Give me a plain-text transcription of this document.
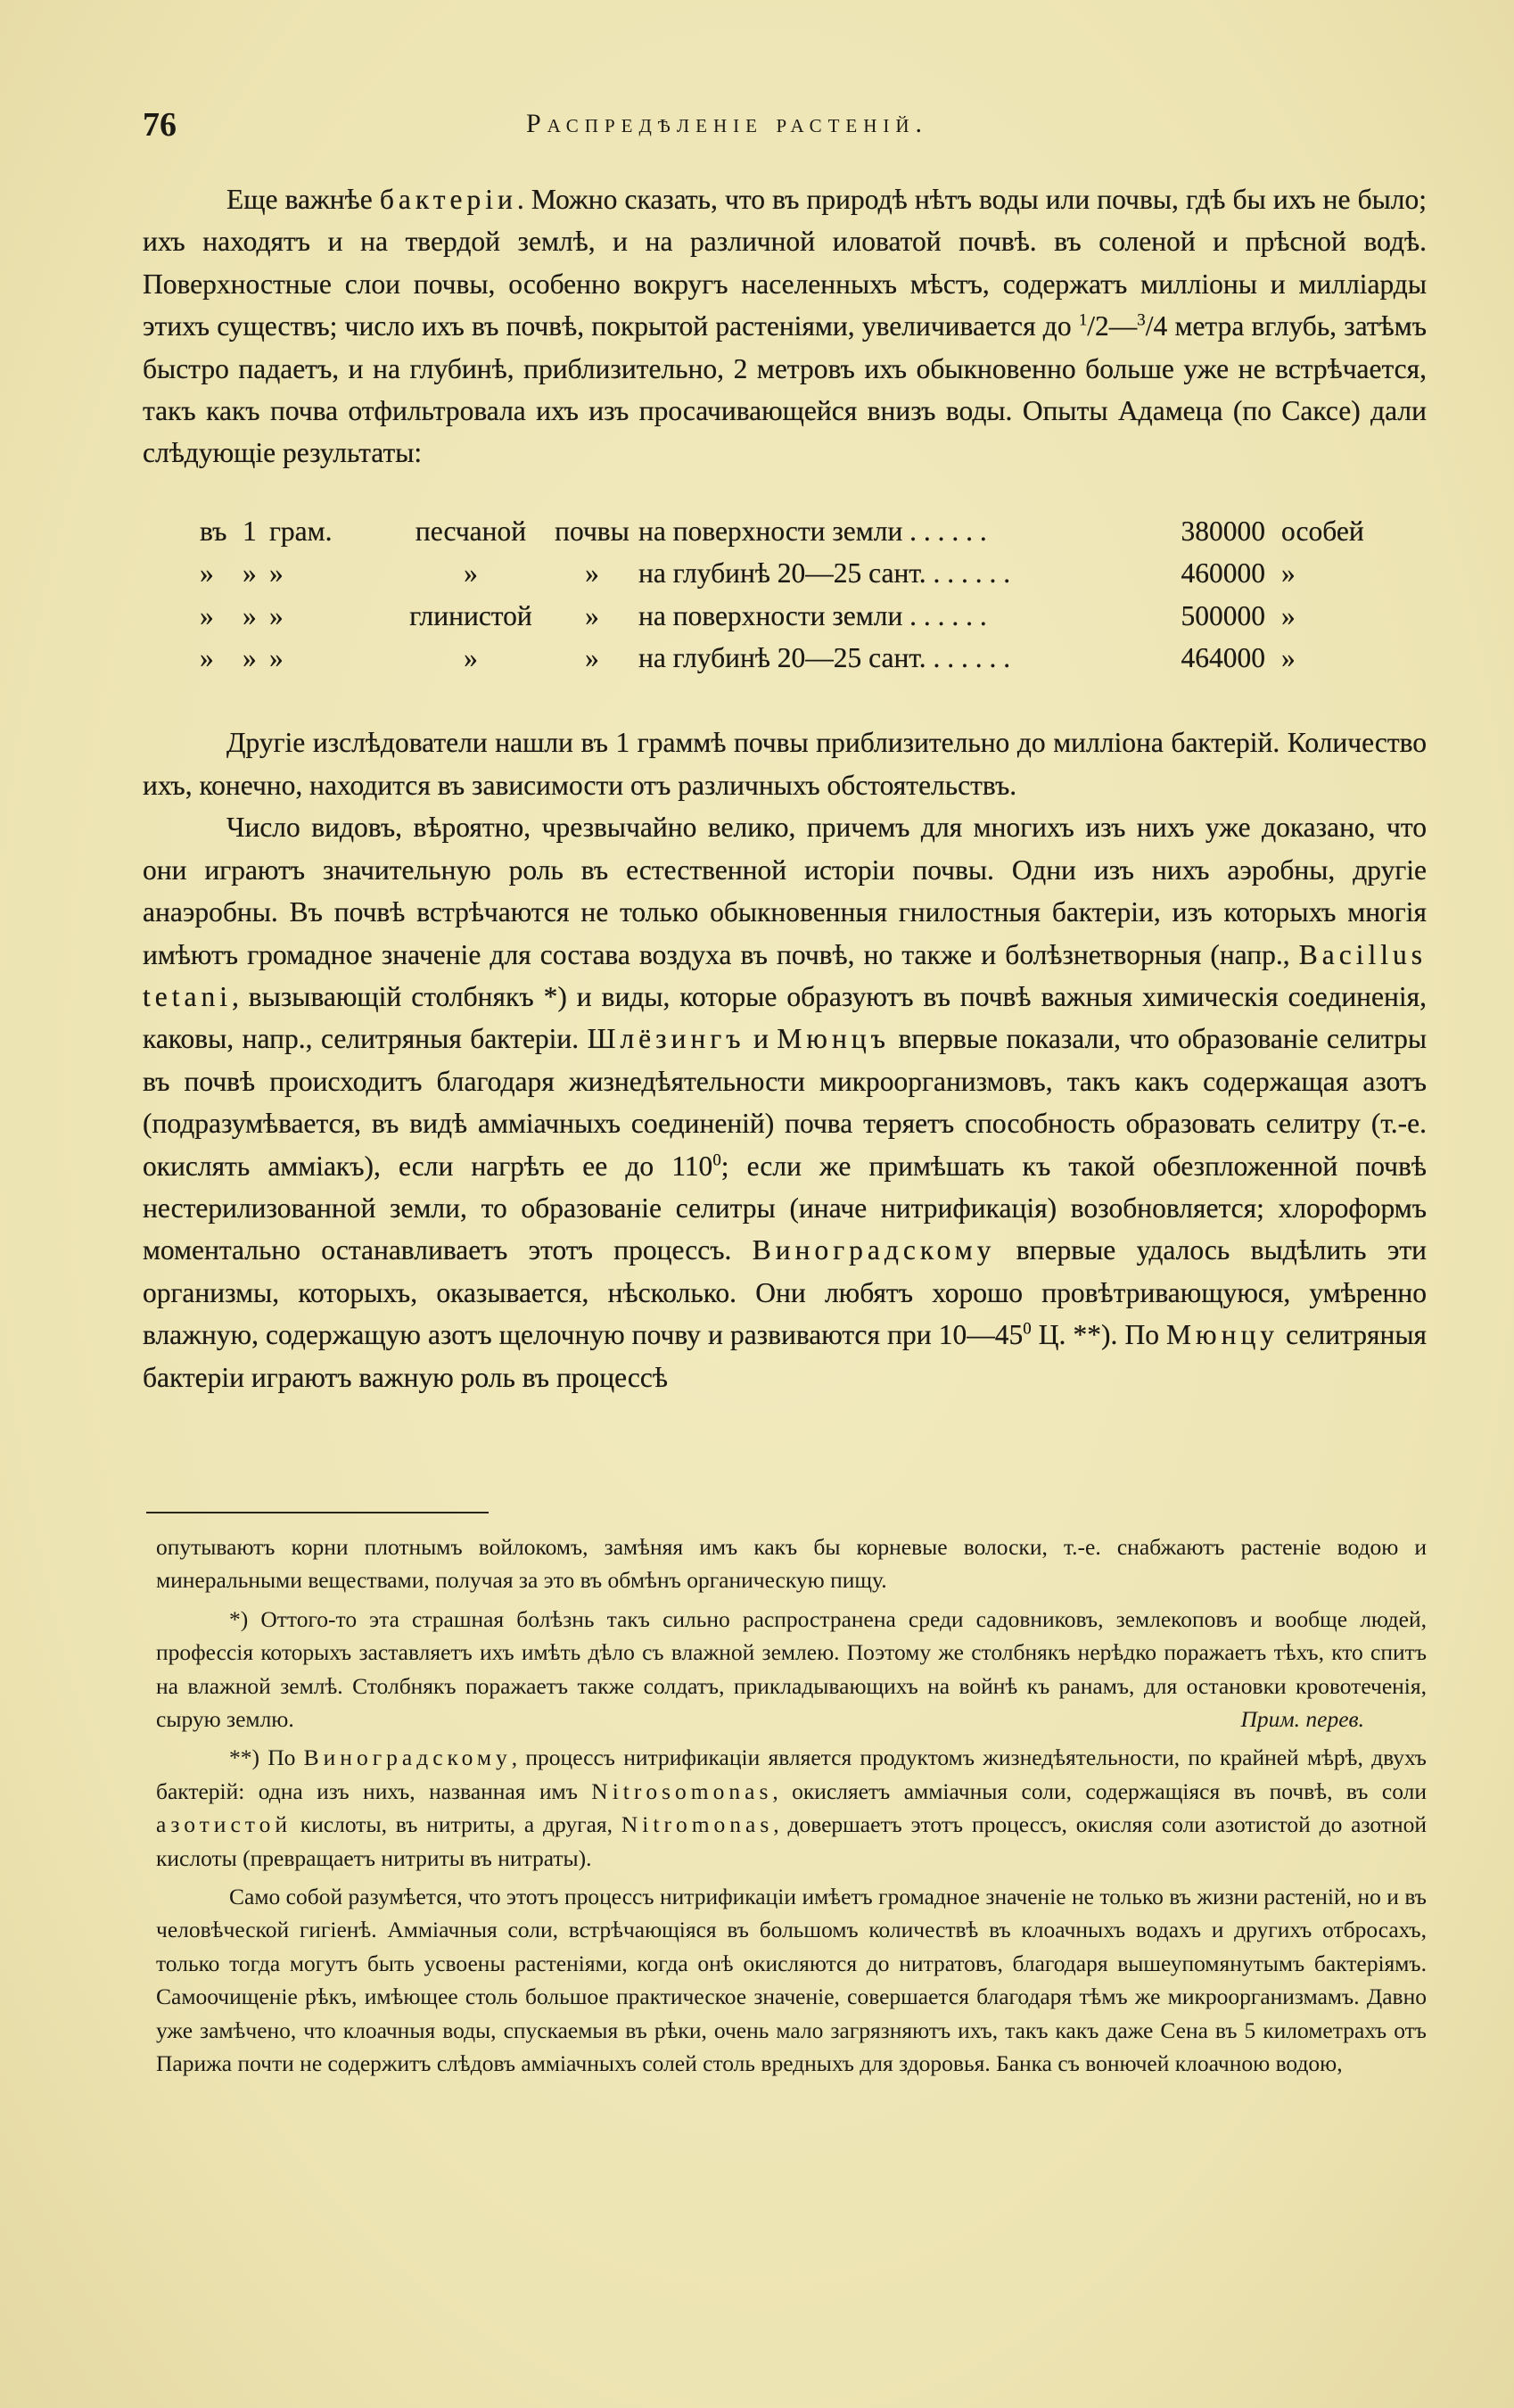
76	Распредѣленіе растеній.

Еще важнѣе бактеріи. Можно сказать, что въ природѣ нѣтъ воды или почвы, гдѣ бы ихъ не было; ихъ находятъ и на твердой землѣ, и на различной иловатой почвѣ. въ соленой и прѣсной водѣ. Поверхностные слои почвы, особенно вокругъ населенныхъ мѣстъ, содержатъ милліоны и милліарды этихъ существъ; число ихъ въ почвѣ, покрытой растеніями, увеличивается до $^1$/2—$^3$/4 метра вглубь, затѣмъ быстро падаетъ, и на глубинѣ, приблизительно, 2 метровъ ихъ обыкновенно больше уже не встрѣчается, такъ какъ почва отфильтровала ихъ изъ просачивающейся внизъ воды. Опыты Адамеца (по Саксе) дали слѣдующіе результаты:

въ	1	грам.	песчаной	почвы	на поверхности земли . . . . . .	380000	особей
»	»	»	»	»	на глубинѣ 20—25 сант. . . . . . .	460000	»
»	»	»	глинистой	»	на поверхности земли . . . . . .	500000	»
»	»	»	»	»	на глубинѣ 20—25 сант. . . . . . .	464000	»

Другіе изслѣдователи нашли въ 1 граммѣ почвы приблизительно до милліона бактерій. Количество ихъ, конечно, находится въ зависимости отъ различныхъ обстоятельствъ.

Число видовъ, вѣроятно, чрезвычайно велико, причемъ для многихъ изъ нихъ уже доказано, что они играютъ значительную роль въ естественной исторіи почвы. Одни изъ нихъ аэробны, другіе анаэробны. Въ почвѣ встрѣчаются не только обыкновенныя гнилостныя бактеріи, изъ которыхъ многія имѣютъ громадное значеніе для состава воздуха въ почвѣ, но также и болѣзнетворныя (напр., Bacillus tetani, вызывающій столбнякъ *) и виды, которые образуютъ въ почвѣ важныя химическія соединенія, каковы, напр., селитряныя бактеріи. Шлёзингъ и Мюнцъ впервые показали, что образованіе селитры въ почвѣ происходитъ благодаря жизнедѣятельности микроорганизмовъ, такъ какъ содержащая азотъ (подразумѣвается, въ видѣ амміачныхъ соединеній) почва теряетъ способность образовать селитру (т.-е. окислять амміакъ), если нагрѣть ее до $110^0$; если же примѣшать къ такой обезпложенной почвѣ нестерилизованной земли, то образованіе селитры (иначе нитрификація) возобновляется; хлороформъ моментально останавливаетъ этотъ процессъ. Виноградскому впервые удалось выдѣлить эти организмы, которыхъ, оказывается, нѣсколько. Они любятъ хорошо провѣтривающуюся, умѣренно влажную, содержащую азотъ щелочную почву и развиваются при $10—45^0$ Ц. **). По Мюнцу селитряныя бактеріи играютъ важную роль въ процессѣ

опутываютъ корни плотнымъ войлокомъ, замѣняя имъ какъ бы корневые волоски, т.-е. снабжаютъ растеніе водою и минеральными веществами, получая за это въ обмѣнъ органическую пищу.

*) Оттого-то эта страшная болѣзнь такъ сильно распространена среди садовниковъ, землекоповъ и вообще людей, профессія которыхъ заставляетъ ихъ имѣть дѣло съ влажной землею. Поэтому же столбнякъ нерѣдко поражаетъ тѣхъ, кто спитъ на влажной землѣ. Столбнякъ поражаетъ также солдатъ, прикладывающихъ на войнѣ къ ранамъ, для остановки кровотеченія, сырую землю.	Прим. перев.

**) По Виноградскому, процессъ нитрификаціи является продуктомъ жизнедѣятельности, по крайней мѣрѣ, двухъ бактерій: одна изъ нихъ, названная имъ Nitrosomonas, окисляетъ амміачныя соли, содержащіяся въ почвѣ, въ соли азотистой кислоты, въ нитриты, а другая, Nitromonas, довершаетъ этотъ процессъ, окисляя соли азотистой до азотной кислоты (превращаетъ нитриты въ нитраты).

Само собой разумѣется, что этотъ процессъ нитрификаціи имѣетъ громадное значеніе не только въ жизни растеній, но и въ человѣческой гигіенѣ. Амміачныя соли, встрѣчающіяся въ большомъ количествѣ въ клоачныхъ водахъ и другихъ отбросахъ, только тогда могутъ быть усвоены растеніями, когда онѣ окисляются до нитратовъ, благодаря вышеупомянутымъ бактеріямъ. Самоочищеніе рѣкъ, имѣющее столь большое практическое значеніе, совершается благодаря тѣмъ же микроорганизмамъ. Давно уже замѣчено, что клоачныя воды, спускаемыя въ рѣки, очень мало загрязняютъ ихъ, такъ какъ даже Сена въ 5 километрахъ отъ Парижа почти не содержитъ слѣдовъ амміачныхъ солей столь вредныхъ для здоровья. Банка съ вонючей клоачною водою,
